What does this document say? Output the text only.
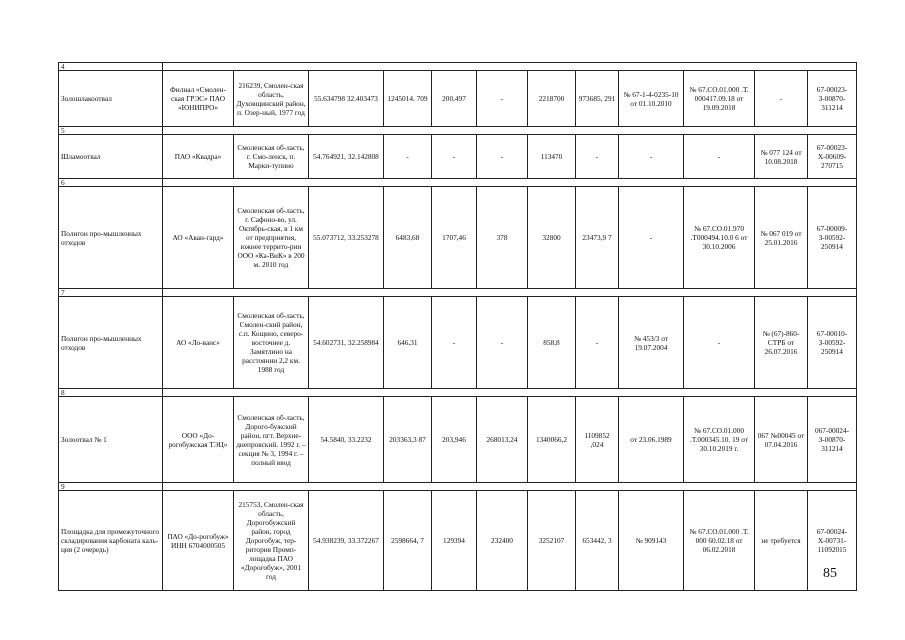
4												
Золошлакоотвал	Филиал «Смолен-ская ГРЭС» ПАО «ЮНИПРО»	216239, Смолен-ская область, Духовщинский район, п. Озер-ный, 1977 год	55.634798 32.403473	1245014. 709	200,497	-	2218700	973685, 291	№ 67-1-4-0235-10 от 01.10.2010	№ 67.СО.01.000 .Т. 000417.09.18 от 19.09.2018	-	67-00023-З-00870-311214
5												
Шламоотвал	ПАО «Квадра»	Смоленская об-ласть, г. Смо-ленск, п. Марки-тупино	54.764921, 32.142808	-	-	-	113470	-	-	-	№ 077 124 от 10.08.2018	67-00023-Х-00609-270715
6												
Полигон про-мышленных отходов	АО «Аван-гард»	Смоленская об-ласть, г. Сафоно-во, ул. Октябрь-ская, в 1 км от предприятия, южнее террито-рии ООО «Ка-ВиК» в 200 м. 2010 год	55.073712, 33.253278	6483,68	1707,46	378	32800	23473,9 7	-	№ 67.СО.01.970 .Т000494.10.0 6 от 30.10.2006	№ 067 019 от 25.01.2016	67-00009-З-00592-250914
7												
Полигон про-мышленных отходов	АО «Ло-ванс»	Смоленская об-ласть, Смолен-ский район, с.п. Кощино, северо-восточнее д. Замятлино на расстоянии 2,2 км. 1988 год	54.602731, 32.258984	646,31	-	-	858,8	-	№ 453/3 от 19.07.2004	-	№ (67)-860-СТРБ от 26.07.2016	67-00010-З-00592-250914
8												
Золоотвал № 1	ООО «До-рогобужская ТЭЦ»	Смоленская об-ласть, Дорого-бужский район, пгт. Верхне-днепровский. 1992 г. – секция № 3, 1994 г. – полный ввод	54.5840, 33.2232	203363,3 87	203,946	268013,24	1340066,2	1109852 ,024	от 23.06.1989	№ 67.СО.01.000 .Т.000345.10. 19 от 30.10.2019 г.	067 №00045 от 07.04.2016	067-00024-З-00870-311214
9												
Площадка для промежуточного складирования карбоната каль-ция (2 очередь)	ПАО «До-рогобуж» ИНН 6704000505	215753, Смолен-ская область, Дорогобужский район, город Дорогобуж, тер-ритория Промп-лощадка ПАО «Дорогобуж», 2001 год	54.938239, 33.372267	2598664, 7	129394	232400	3252107	653442, 3	№ 909143	№ 67.СО.01.000 .Т. 000 60.02.18 от 06.02.2018	не требуется	67-00024-Х-00731-11092015
85
